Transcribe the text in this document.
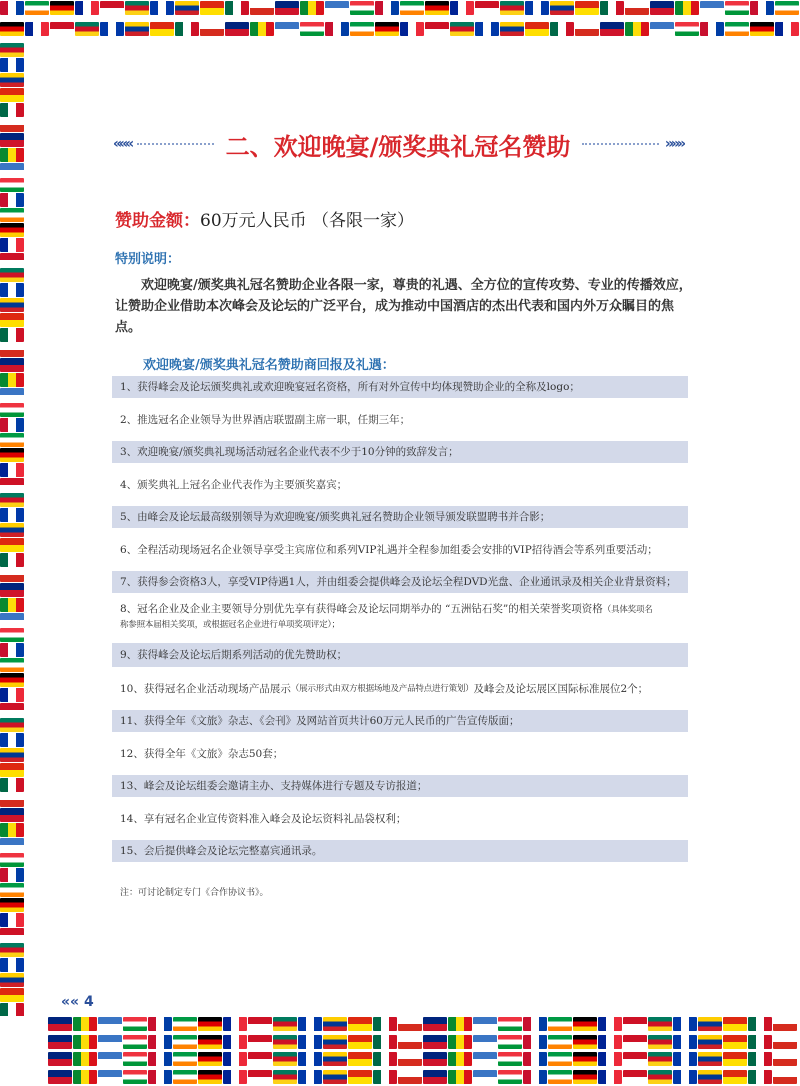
«««	二、欢迎晚宴/颁奖典礼冠名赞助	»»»
赞助金额：60万元人民币 （各限一家）
特别说明：

欢迎晚宴/颁奖典礼冠名赞助企业各限一家，尊贵的礼遇、全方位的宣传攻势、专业的传播效应，让赞助企业借助本次峰会及论坛的广泛平台，成为推动中国酒店的杰出代表和国内外万众瞩目的焦点。

欢迎晚宴/颁奖典礼冠名赞助商回报及礼遇：
1、获得峰会及论坛颁奖典礼或欢迎晚宴冠名资格，所有对外宣传中均体现赞助企业的全称及logo；
2、推选冠名企业领导为世界酒店联盟副主席一职，任期三年；
3、欢迎晚宴/颁奖典礼现场活动冠名企业代表不少于10分钟的致辞发言；
4、颁奖典礼上冠名企业代表作为主要颁奖嘉宾；
5、由峰会及论坛最高级别领导为欢迎晚宴/颁奖典礼冠名赞助企业领导颁发联盟聘书并合影；
6、全程活动现场冠名企业领导享受主宾席位和系列VIP礼遇并全程参加组委会安排的VIP招待酒会等系列重要活动；
7、获得参会资格3人，享受VIP待遇1人，并由组委会提供峰会及论坛全程DVD光盘、企业通讯录及相关企业背景资料；
8、冠名企业及企业主要领导分别优先享有获得峰会及论坛同期举办的 “五洲钻石奖”的相关荣誉奖项资格（具体奖项名
称参照本届相关奖项，或根据冠名企业进行单项奖项评定）；
9、获得峰会及论坛后期系列活动的优先赞助权；
10、获得冠名企业活动现场产品展示 （展示形式由双方根据场地及产品特点进行策划） 及峰会及论坛展区国际标准展位2个；
11、获得全年《文旅》杂志、《会刊》及网站首页共计60万元人民币的广告宣传版面；
12、获得全年《文旅》杂志50套；
13、峰会及论坛组委会邀请主办、支持媒体进行专题及专访报道；
14、享有冠名企业宣传资料准入峰会及论坛资料礼品袋权利；
15、会后提供峰会及论坛完整嘉宾通讯录。
注：可讨论制定专门《合作协议书》。
«« 4
